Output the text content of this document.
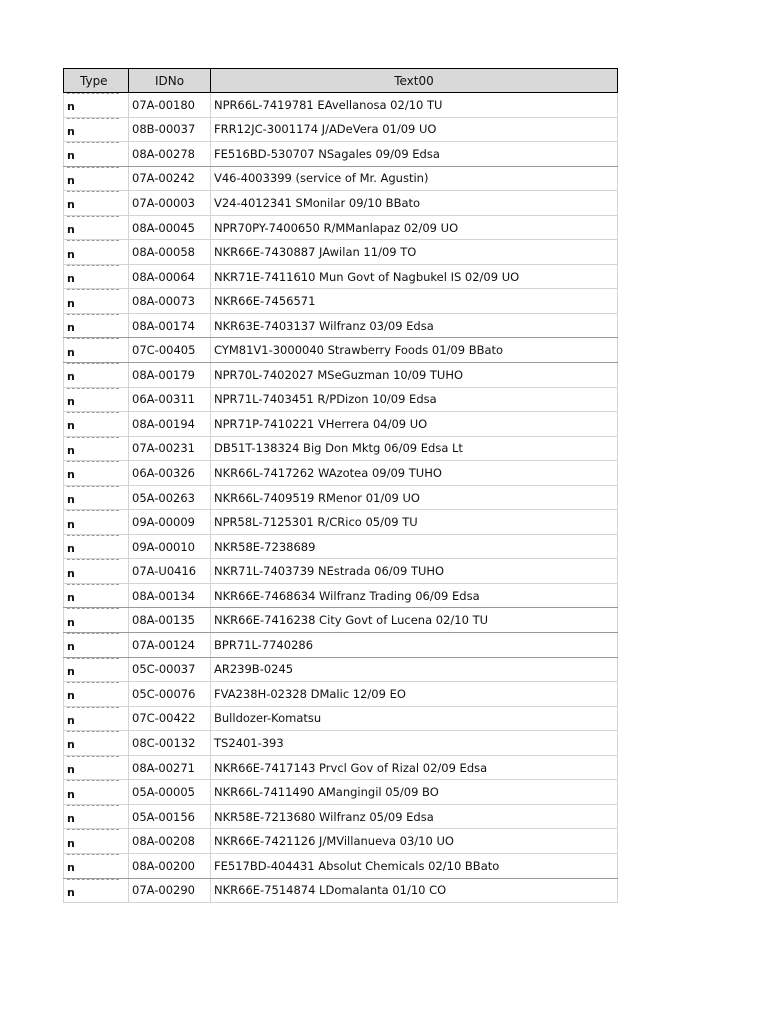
Type	IDNo	Text00

n	07A-00180	NPR66L-7419781 EAvellanosa 02/10 TU

n	08B-00037	FRR12JC-3001174 J/ADeVera 01/09 UO

n	08A-00278	FE516BD-530707 NSagales 09/09 Edsa

n	07A-00242	V46-4003399 (service of Mr. Agustin)

n	07A-00003	V24-4012341 SMonilar 09/10 BBato

n	08A-00045	NPR70PY-7400650 R/MManlapaz 02/09 UO

n	08A-00058	NKR66E-7430887 JAwilan 11/09 TO

n	08A-00064	NKR71E-7411610 Mun Govt of Nagbukel IS 02/09 UO

n	08A-00073	NKR66E-7456571

n	08A-00174	NKR63E-7403137 Wilfranz 03/09 Edsa

n	07C-00405	CYM81V1-3000040 Strawberry Foods 01/09 BBato

n	08A-00179	NPR70L-7402027 MSeGuzman 10/09 TUHO

n	06A-00311	NPR71L-7403451 R/PDizon 10/09 Edsa

n	08A-00194	NPR71P-7410221 VHerrera 04/09 UO

n	07A-00231	DB51T-138324 Big Don Mktg 06/09 Edsa Lt

n	06A-00326	NKR66L-7417262 WAzotea 09/09 TUHO

n	05A-00263	NKR66L-7409519 RMenor 01/09 UO

n	09A-00009	NPR58L-7125301 R/CRico 05/09 TU

n	09A-00010	NKR58E-7238689

n	07A-U0416	NKR71L-7403739 NEstrada 06/09 TUHO

n	08A-00134	NKR66E-7468634 Wilfranz Trading 06/09 Edsa

n	08A-00135	NKR66E-7416238 City Govt of Lucena 02/10 TU

n	07A-00124	BPR71L-7740286

n	05C-00037	AR239B-0245

n	05C-00076	FVA238H-02328 DMalic 12/09 EO

n	07C-00422	Bulldozer-Komatsu

n	08C-00132	TS2401-393

n	08A-00271	NKR66E-7417143 Prvcl Gov of Rizal 02/09 Edsa

n	05A-00005	NKR66L-7411490 AMangingil 05/09 BO

n	05A-00156	NKR58E-7213680 Wilfranz 05/09 Edsa

n	08A-00208	NKR66E-7421126 J/MVillanueva 03/10 UO

n	08A-00200	FE517BD-404431 Absolut Chemicals 02/10 BBato

n	07A-00290	NKR66E-7514874 LDomalanta 01/10 CO
